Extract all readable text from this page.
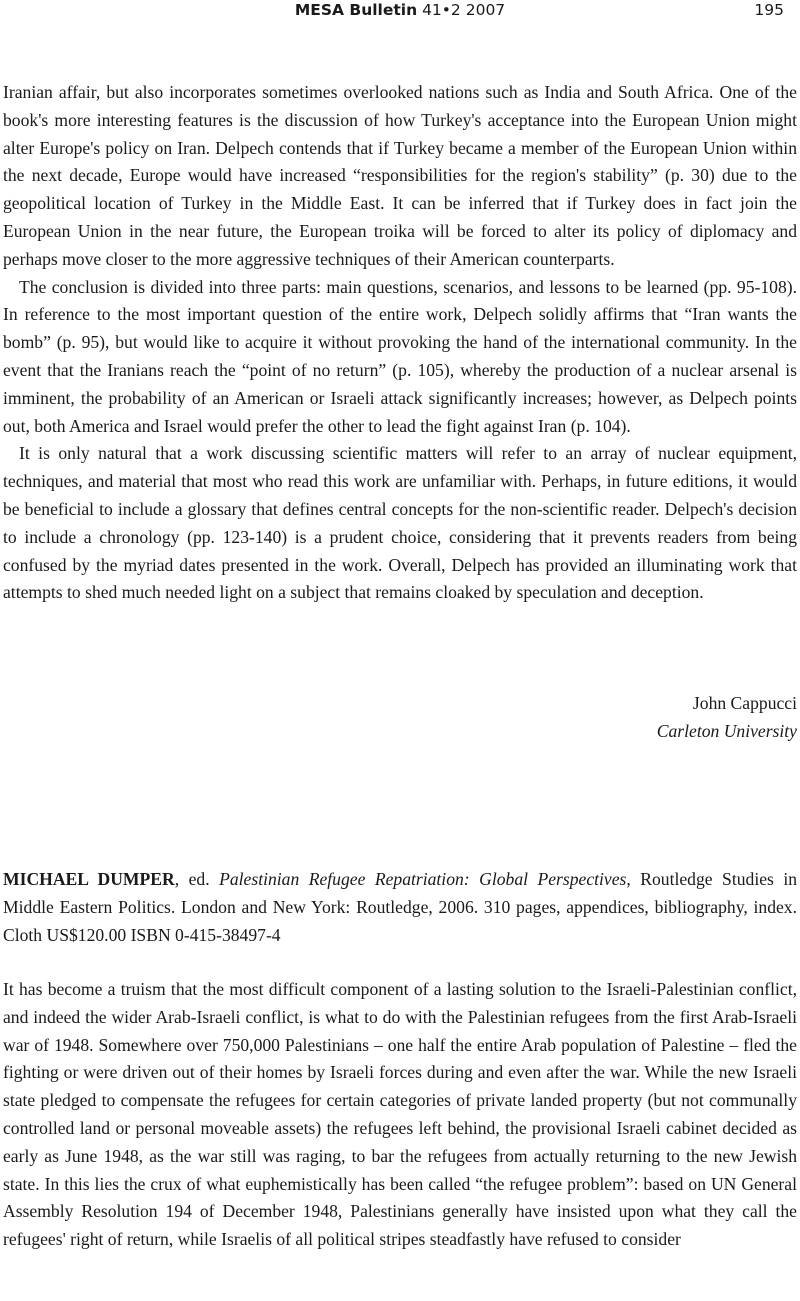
MESA Bulletin 41•2 2007	195

Iranian affair, but also incorporates sometimes overlooked nations such as India and South Africa. One of the book's more interesting features is the discussion of how Turkey's acceptance into the European Union might alter Europe's policy on Iran. Delpech contends that if Turkey became a member of the European Union within the next decade, Europe would have increased “responsibilities for the region's stability” (p. 30) due to the geopolitical location of Turkey in the Middle East. It can be inferred that if Turkey does in fact join the European Union in the near future, the European troika will be forced to alter its policy of diplomacy and perhaps move closer to the more aggressive techniques of their American counterparts.

The conclusion is divided into three parts: main questions, scenarios, and lessons to be learned (pp. 95-108). In reference to the most important question of the entire work, Delpech solidly affirms that “Iran wants the bomb” (p. 95), but would like to acquire it without provoking the hand of the international community. In the event that the Iranians reach the “point of no return” (p. 105), whereby the production of a nuclear arsenal is imminent, the probability of an American or Israeli attack significantly increases; however, as Delpech points out, both America and Israel would prefer the other to lead the fight against Iran (p. 104).

It is only natural that a work discussing scientific matters will refer to an array of nuclear equipment, techniques, and material that most who read this work are unfamiliar with. Perhaps, in future editions, it would be beneficial to include a glossary that defines central concepts for the non-scientific reader. Delpech's decision to include a chronology (pp. 123-140) is a prudent choice, considering that it prevents readers from being confused by the myriad dates presented in the work. Overall, Delpech has provided an illuminating work that attempts to shed much needed light on a subject that remains cloaked by speculation and deception.

John Cappucci
Carleton University

MICHAEL DUMPER, ed. Palestinian Refugee Repatriation: Global Perspectives, Routledge Studies in Middle Eastern Politics. London and New York: Routledge, 2006. 310 pages, appendices, bibliography, index. Cloth US$120.00 ISBN 0-415-38497-4

It has become a truism that the most difficult component of a lasting solution to the Israeli-Palestinian conflict, and indeed the wider Arab-Israeli conflict, is what to do with the Palestinian refugees from the first Arab-Israeli war of 1948. Somewhere over 750,000 Palestinians – one half the entire Arab population of Palestine – fled the fighting or were driven out of their homes by Israeli forces during and even after the war. While the new Israeli state pledged to compensate the refugees for certain categories of private landed property (but not communally controlled land or personal moveable assets) the refugees left behind, the provisional Israeli cabinet decided as early as June 1948, as the war still was raging, to bar the refugees from actually returning to the new Jewish state. In this lies the crux of what euphemistically has been called “the refugee problem”: based on UN General Assembly Resolution 194 of December 1948, Palestinians generally have insisted upon what they call the refugees' right of return, while Israelis of all political stripes steadfastly have refused to consider
